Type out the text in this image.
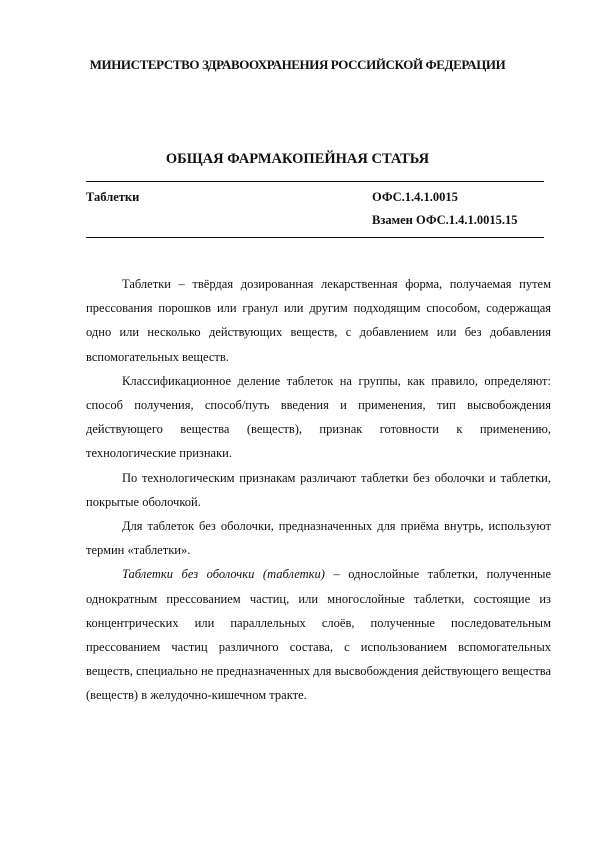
МИНИСТЕРСТВО ЗДРАВООХРАНЕНИЯ РОССИЙСКОЙ ФЕДЕРАЦИИ
ОБЩАЯ ФАРМАКОПЕЙНАЯ СТАТЬЯ
Таблетки	ОФС.1.4.1.0015
Взамен ОФС.1.4.1.0015.15

Таблетки – твёрдая дозированная лекарственная форма, получаемая путем прессования порошков или гранул или другим подходящим способом, содержащая одно или несколько действующих веществ, с добавлением или без добавления вспомогательных веществ.

Классификационное деление таблеток на группы, как правило, определяют: способ получения, способ/путь введения и применения, тип высвобождения действующего вещества (веществ), признак готовности к применению, технологические признаки.

По технологическим признакам различают таблетки без оболочки и таблетки, покрытые оболочкой.

Для таблеток без оболочки, предназначенных для приёма внутрь, используют термин «таблетки».

Таблетки без оболочки (таблетки) – однослойные таблетки, полученные однократным прессованием частиц, или многослойные таблетки, состоящие из концентрических или параллельных слоёв, полученные последовательным прессованием частиц различного состава, с использованием вспомогательных веществ, специально не предназначенных для высвобождения действующего вещества (веществ) в желудочно-кишечном тракте.
